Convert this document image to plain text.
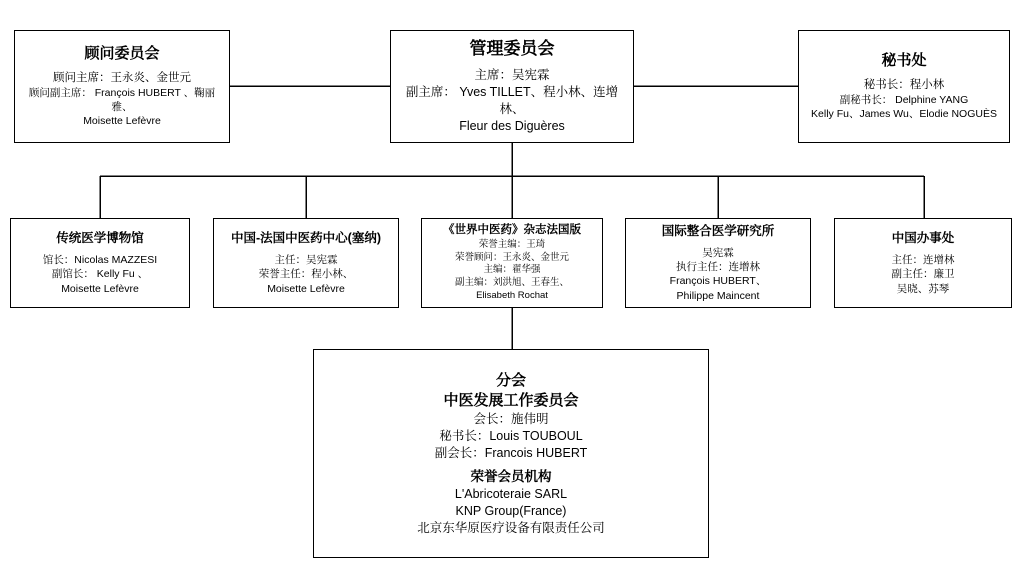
顾问委员会
顾问主席：王永炎、金世元
顾问副主席： François HUBERT 、鞠丽雅、
Moisette Lefèvre
管理委员会
主席：吴宪霖
副主席： Yves TILLET、程小林、连增林、
Fleur des Diguères
秘书处
秘书长：程小林
副秘书长： Delphine YANG
Kelly Fu、James Wu、Elodie NOGUÈS
传统医学博物馆
馆长：Nicolas MAZZESI
副馆长： Kelly Fu 、
Moisette Lefèvre
中国-法国中医药中心(塞纳)
主任：吴宪霖
荣誉主任：程小林、
Moisette Lefèvre
《世界中医药》杂志法国版
荣誉主编：王琦
荣誉顾问：王永炎、金世元
主编：翟华强
副主编：刘洪旭、王春生、
Elisabeth Rochat
国际整合医学研究所
吴宪霖
执行主任：连增林
François HUBERT、
Philippe Maincent
中国办事处
主任：连增林
副主任：廉卫
吴晓、苏琴
分会
中医发展工作委员会
会长：施伟明
秘书长：Louis TOUBOUL
副会长：Francois HUBERT
荣誉会员机构
L'Abricoteraie SARL
KNP Group(France)
北京东华原医疗设备有限责任公司
